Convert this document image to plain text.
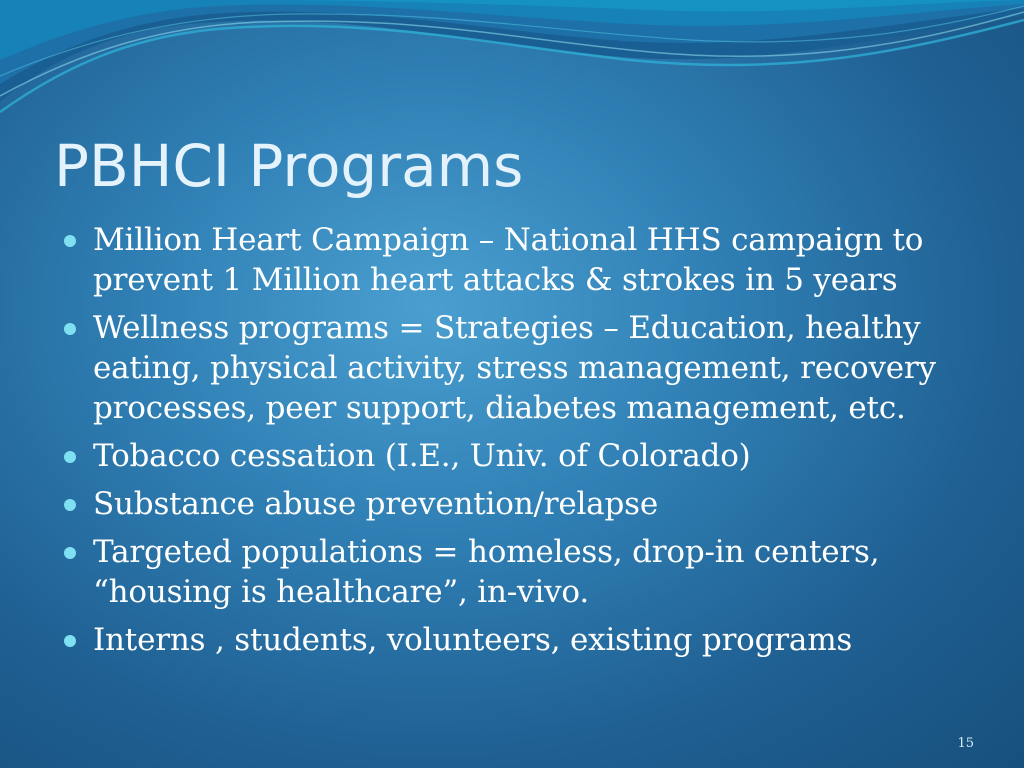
PBHCI Programs
Million Heart Campaign – National HHS campaign to prevent 1 Million heart attacks & strokes in 5 years
Wellness programs = Strategies – Education, healthy eating, physical activity, stress management, recovery processes, peer support, diabetes management, etc.
Tobacco cessation (I.E., Univ. of Colorado)
Substance abuse prevention/relapse
Targeted populations = homeless, drop-in centers, “housing is healthcare”, in-vivo.
Interns , students, volunteers, existing programs
15
